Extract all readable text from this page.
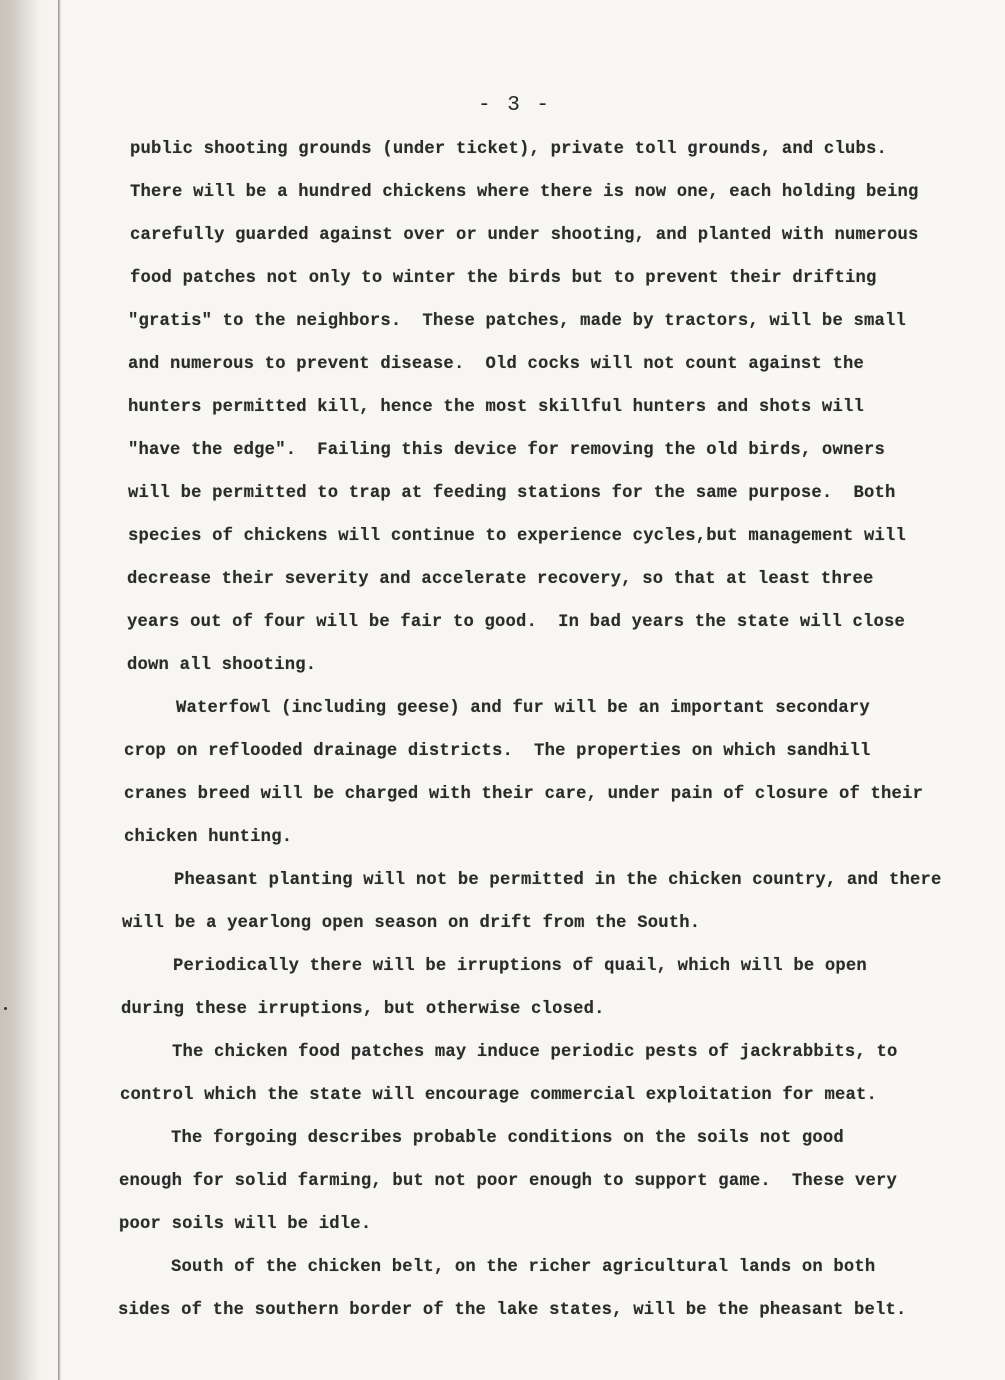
- 3 -

public shooting grounds (under ticket), private toll grounds, and clubs.

There will be a hundred chickens where there is now one, each holding being

carefully guarded against over or under shooting, and planted with numerous

food patches not only to winter the birds but to prevent their drifting

"gratis" to the neighbors.  These patches, made by tractors, will be small

and numerous to prevent disease.  Old cocks will not count against the

hunters permitted kill, hence the most skillful hunters and shots will

"have the edge".  Failing this device for removing the old birds, owners

will be permitted to trap at feeding stations for the same purpose.  Both

species of chickens will continue to experience cycles,but management will

decrease their severity and accelerate recovery, so that at least three

years out of four will be fair to good.  In bad years the state will close

down all shooting.

Waterfowl (including geese) and fur will be an important secondary

crop on reflooded drainage districts.  The properties on which sandhill

cranes breed will be charged with their care, under pain of closure of their

chicken hunting.

Pheasant planting will not be permitted in the chicken country, and there

will be a yearlong open season on drift from the South.

Periodically there will be irruptions of quail, which will be open

during these irruptions, but otherwise closed.

The chicken food patches may induce periodic pests of jackrabbits, to

control which the state will encourage commercial exploitation for meat.

The forgoing describes probable conditions on the soils not good

enough for solid farming, but not poor enough to support game.  These very

poor soils will be idle.

South of the chicken belt, on the richer agricultural lands on both

sides of the southern border of the lake states, will be the pheasant belt.
